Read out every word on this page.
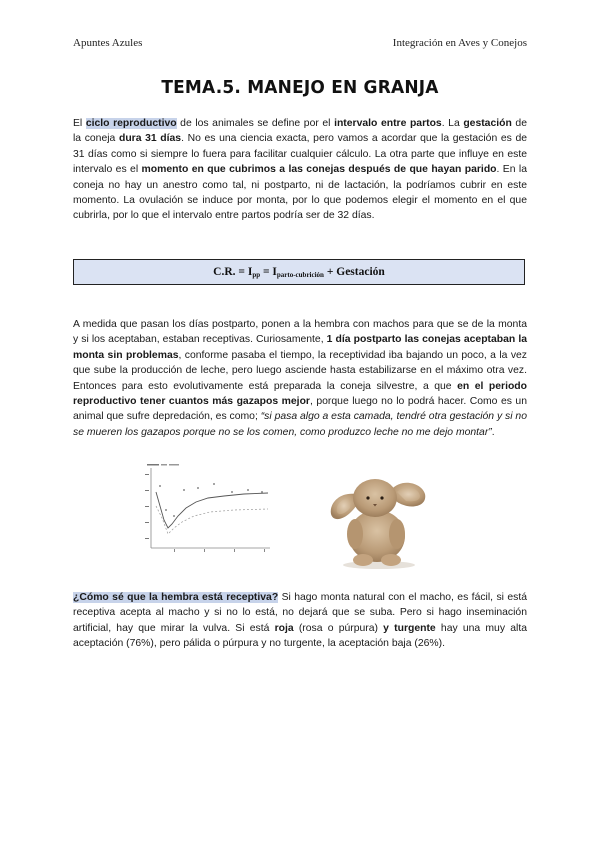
Apuntes Azules	Integración en Aves y Conejos
TEMA.5. MANEJO EN GRANJA
El ciclo reproductivo de los animales se define por el intervalo entre partos. La gestación de la coneja dura 31 días. No es una ciencia exacta, pero vamos a acordar que la gestación es de 31 días como si siempre lo fuera para facilitar cualquier cálculo. La otra parte que influye en este intervalo es el momento en que cubrimos a las conejas después de que hayan parido. En la coneja no hay un anestro como tal, ni postparto, ni de lactación, la podríamos cubrir en este momento. La ovulación se induce por monta, por lo que podemos elegir el momento en el que cubrirla, por lo que el intervalo entre partos podría ser de 32 días.
C.R. = $I_{pp} = I_{parto-cubrición}$ + Gestación
A medida que pasan los días postparto, ponen a la hembra con machos para que se de la monta y si los aceptaban, estaban receptivas. Curiosamente, 1 día postparto las conejas aceptaban la monta sin problemas, conforme pasaba el tiempo, la receptividad iba bajando un poco, a la vez que sube la producción de leche, pero luego asciende hasta estabilizarse en el máximo otra vez. Entonces para esto evolutivamente está preparada la coneja silvestre, a que en el periodo reproductivo tener cuantos más gazapos mejor, porque luego no lo podrá hacer. Como es un animal que sufre depredación, es como; “si pasa algo a esta camada, tendré otra gestación y si no se mueren los gazapos porque no se los comen, como produzco leche no me dejo montar”.
¿Cómo sé que la hembra está receptiva? Si hago monta natural con el macho, es fácil, si está receptiva acepta al macho y si no lo está, no dejará que se suba. Pero si hago inseminación artificial, hay que mirar la vulva. Si está roja (rosa o púrpura) y turgente hay una muy alta aceptación (76%), pero pálida o púrpura y no turgente, la aceptación baja (26%).
